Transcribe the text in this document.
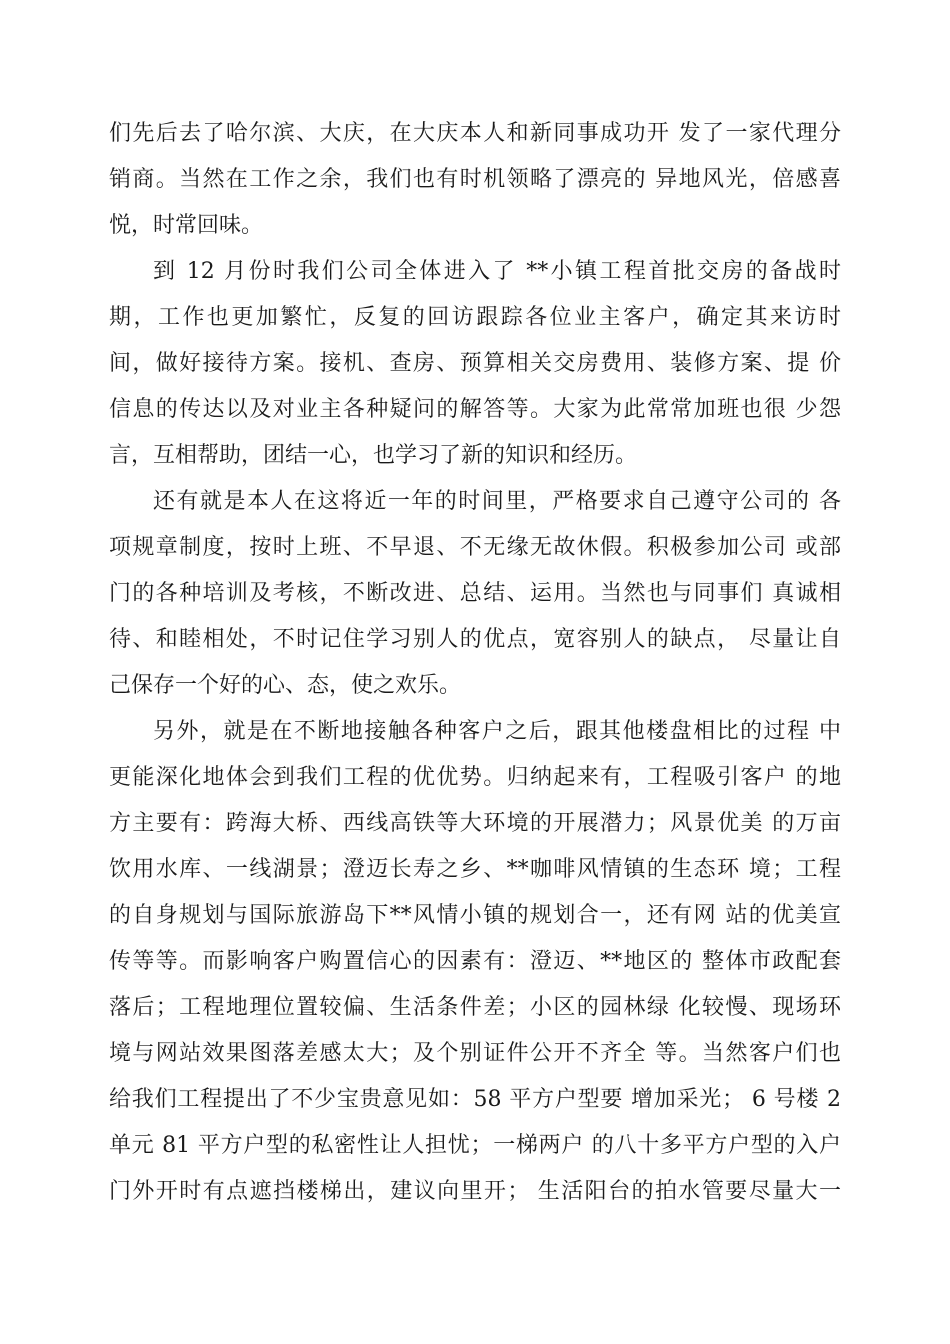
们先后去了哈尔滨、大庆，在大庆本人和新同事成功开 发了一家代理分
销商。当然在工作之余，我们也有时机领略了漂亮的 异地风光，倍感喜
悦，时常回味。
到 12 月份时我们公司全体进入了 **小镇工程首批交房的备战时
期，工作也更加繁忙，反复的回访跟踪各位业主客户，确定其来访时
间，做好接待方案。接机、查房、预算相关交房费用、装修方案、提 价
信息的传达以及对业主各种疑问的解答等。大家为此常常加班也很 少怨
言，互相帮助，团结一心，也学习了新的知识和经历。
还有就是本人在这将近一年的时间里，严格要求自己遵守公司的 各
项规章制度，按时上班、不早退、不无缘无故休假。积极参加公司 或部
门的各种培训及考核，不断改进、总结、运用。当然也与同事们 真诚相
待、和睦相处，不时记住学习别人的优点，宽容别人的缺点， 尽量让自
己保存一个好的心、态，使之欢乐。
另外，就是在不断地接触各种客户之后，跟其他楼盘相比的过程 中
更能深化地体会到我们工程的优优势。归纳起来有，工程吸引客户 的地
方主要有：跨海大桥、西线高铁等大环境的开展潜力；风景优美 的万亩
饮用水库、一线湖景；澄迈长寿之乡、**咖啡风情镇的生态环 境；工程
的自身规划与国际旅游岛下**风情小镇的规划合一，还有网 站的优美宣
传等等。而影响客户购置信心的因素有：澄迈、**地区的 整体市政配套
落后；工程地理位置较偏、生活条件差；小区的园林绿 化较慢、现场环
境与网站效果图落差感太大；及个别证件公开不齐全 等。当然客户们也
给我们工程提出了不少宝贵意见如：58 平方户型要 增加采光； 6 号楼 2
单元 81 平方户型的私密性让人担忧；一梯两户 的八十多平方户型的入户
门外开时有点遮挡楼梯出，建议向里开； 生活阳台的拍水管要尽量大一
